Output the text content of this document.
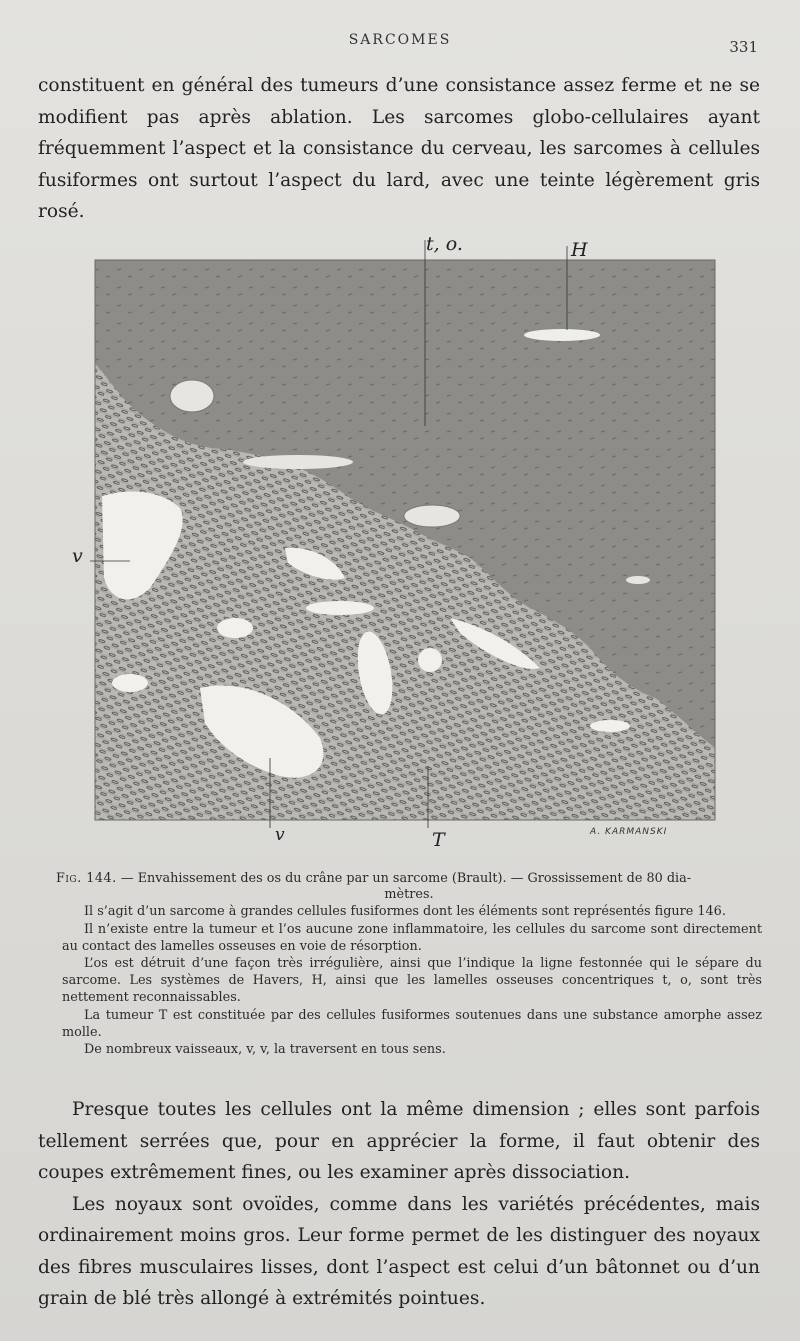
SARCOMES	331
constituent en général des tumeurs d’une consistance assez ferme et ne se modifient pas après ablation. Les sarcomes globo-cellulaires ayant fréquemment l’aspect et la consistance du cerveau, les sarcomes à cellules fusiformes ont surtout l’aspect du lard, avec une teinte légèrement gris rosé.
t, o.	H
v
v	T	A. KARMANSKI

Fig. 144. — Envahissement des os du crâne par un sarcome (Brault). — Grossissement de 80 dia-
mètres.

Il s’agit d’un sarcome à grandes cellules fusiformes dont les éléments sont représentés figure 146.

Il n’existe entre la tumeur et l’os aucune zone inflammatoire, les cellules du sarcome sont directement au contact des lamelles osseuses en voie de résorption.

L’os est détruit d’une façon très irrégulière, ainsi que l’indique la ligne festonnée qui le sépare du sarcome. Les systèmes de Havers, H, ainsi que les lamelles osseuses concentriques t, o, sont très nettement reconnaissables.

La tumeur T est constituée par des cellules fusiformes soutenues dans une substance amorphe assez molle.

De nombreux vaisseaux, v, v, la traversent en tous sens.

Presque toutes les cellules ont la même dimension ; elles sont parfois tellement serrées que, pour en apprécier la forme, il faut obtenir des coupes extrêmement fines, ou les examiner après dissociation.

Les noyaux sont ovoïdes, comme dans les variétés précédentes, mais ordinairement moins gros. Leur forme permet de les distinguer des noyaux des fibres musculaires lisses, dont l’aspect est celui d’un bâtonnet ou d’un grain de blé très allongé à extrémités pointues.
